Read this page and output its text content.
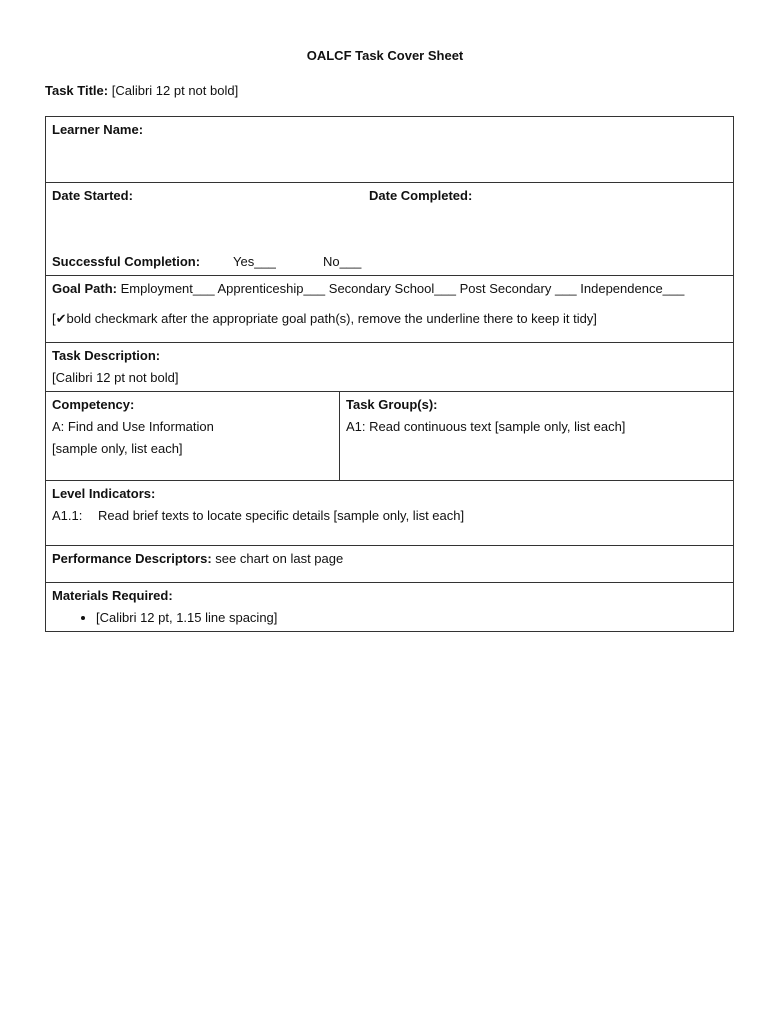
OALCF Task Cover Sheet
Task Title: [Calibri 12 pt not bold]
Learner Name:

Date Started:	Date Completed:
Successful Completion:	Yes___	No___

Goal Path: Employment___ Apprenticeship___ Secondary School___ Post Secondary ___ Independence___
[✔bold checkmark after the appropriate goal path(s), remove the underline there to keep it tidy]

Task Description:
[Calibri 12 pt not bold]

Competency:
A: Find and Use Information
[sample only, list each]

Task Group(s):
A1: Read continuous text [sample only, list each]

Level Indicators:
A1.1: Read brief texts to locate specific details [sample only, list each]

Performance Descriptors: see chart on last page

Materials Required:
• [Calibri 12 pt, 1.15 line spacing]
